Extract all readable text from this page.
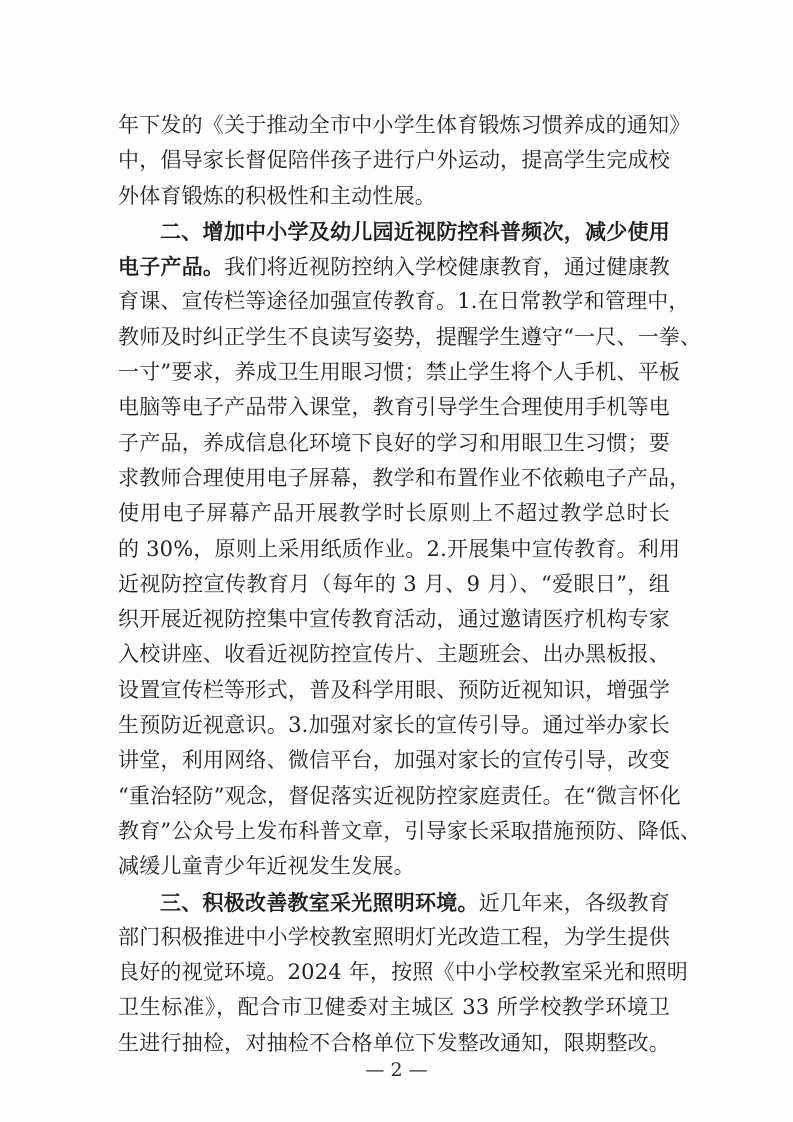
年下发的《关于推动全市中小学生体育锻炼习惯养成的通知》
中，倡导家长督促陪伴孩子进行户外运动，提高学生完成校
外体育锻炼的积极性和主动性展。
二、增加中小学及幼儿园近视防控科普频次，减少使用
电子产品。我们将近视防控纳入学校健康教育，通过健康教
育课、宣传栏等途径加强宣传教育。1.在日常教学和管理中，
教师及时纠正学生不良读写姿势，提醒学生遵守“一尺、一拳、
一寸”要求，养成卫生用眼习惯；禁止学生将个人手机、平板
电脑等电子产品带入课堂，教育引导学生合理使用手机等电
子产品，养成信息化环境下良好的学习和用眼卫生习惯；要
求教师合理使用电子屏幕，教学和布置作业不依赖电子产品，
使用电子屏幕产品开展教学时长原则上不超过教学总时长
的 30%，原则上采用纸质作业。2.开展集中宣传教育。利用
近视防控宣传教育月（每年的 3 月、9 月）、“爱眼日”，组
织开展近视防控集中宣传教育活动，通过邀请医疗机构专家
入校讲座、收看近视防控宣传片、主题班会、出办黑板报、
设置宣传栏等形式，普及科学用眼、预防近视知识，增强学
生预防近视意识。3.加强对家长的宣传引导。通过举办家长
讲堂，利用网络、微信平台，加强对家长的宣传引导，改变
“重治轻防”观念，督促落实近视防控家庭责任。在“微言怀化
教育”公众号上发布科普文章，引导家长采取措施预防、降低、
减缓儿童青少年近视发生发展。
三、积极改善教室采光照明环境。近几年来，各级教育
部门积极推进中小学校教室照明灯光改造工程，为学生提供
良好的视觉环境。2024 年，按照《中小学校教室采光和照明
卫生标准》，配合市卫健委对主城区 33 所学校教学环境卫
生进行抽检，对抽检不合格单位下发整改通知，限期整改。
— 2 —
